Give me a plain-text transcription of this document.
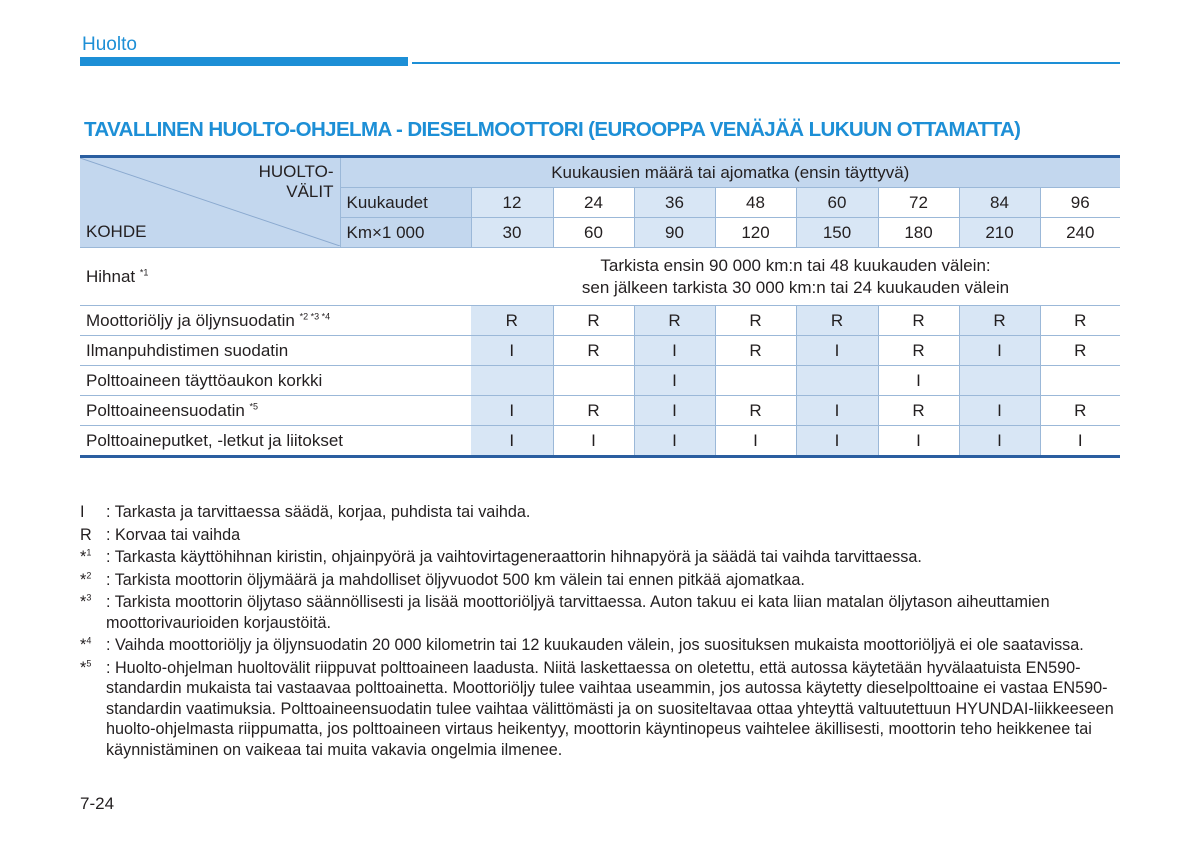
Huolto
TAVALLINEN HUOLTO-OHJELMA - DIESELMOOTTORI (EUROOPPA VENÄJÄÄ LUKUUN OTTAMATTA)
HUOLTO-
VÄLIT
KOHDE	Kuukausien määrä tai ajomatka (ensin täyttyvä)								
	Kuukaudet	12	24	36	48	60	72	84	96
	Km×1 000	30	60	90	120	150	180	210	240
Hihnat $^{*1}$		Tarkista ensin 90 000 km:n tai 48 kuukauden välein:
sen jälkeen tarkista 30 000 km:n tai 24 kuukauden välein							

Moottoriöljy ja öljynsuodatin $^{*2 *3 *4}$		R	R	R	R	R	R	R	R
Ilmanpuhdistimen suodatin		I	R	I	R	I	R	I	R
Polttoaineen täyttöaukon korkki				I			I		
Polttoaineensuodatin $^{*5}$		I	R	I	R	I	R	I	R
Polttoaineputket, -letkut ja liitokset		I	I	I	I	I	I	I	I
I	: Tarkasta ja tarvittaessa säädä, korjaa, puhdista tai vaihda.
R : Korvaa tai vaihda
*$^1$ : Tarkasta käyttöhihnan kiristin, ohjainpyörä ja vaihtovirtageneraattorin hihnapyörä ja säädä tai vaihda tarvittaessa.
*$^2$ : Tarkista moottorin öljymäärä ja mahdolliset öljyvuodot 500 km välein tai ennen pitkää ajomatkaa.
*$^3$ : Tarkista moottorin öljytaso säännöllisesti ja lisää moottoriöljyä tarvittaessa. Auton takuu ei kata liian matalan öljytason aiheuttamien moottorivaurioiden korjaustöitä.
*$^4$ : Vaihda moottoriöljy ja öljynsuodatin 20 000 kilometrin tai 12 kuukauden välein, jos suosituksen mukaista moottoriöljyä ei ole saatavissa.
*$^5$ : Huolto-ohjelman huoltovälit riippuvat polttoaineen laadusta. Niitä laskettaessa on oletettu, että autossa käytetään hyvälaatuista EN590-standardin mukaista tai vastaavaa polttoainetta. Moottoriöljy tulee vaihtaa useammin, jos autossa käytetty dieselpolttoaine ei vastaa EN590-standardin vaatimuksia. Polttoaineensuodatin tulee vaihtaa välittömästi ja on suositeltavaa ottaa yhteyttä valtuutettuun HYUNDAI-liikkeeseen huolto-ohjelmasta riippumatta, jos polttoaineen virtaus heikentyy, moottorin käyntinopeus vaihtelee äkillisesti, moottorin teho heikkenee tai käynnistäminen on vaikeaa tai muita vakavia ongelmia ilmenee.
7-24
